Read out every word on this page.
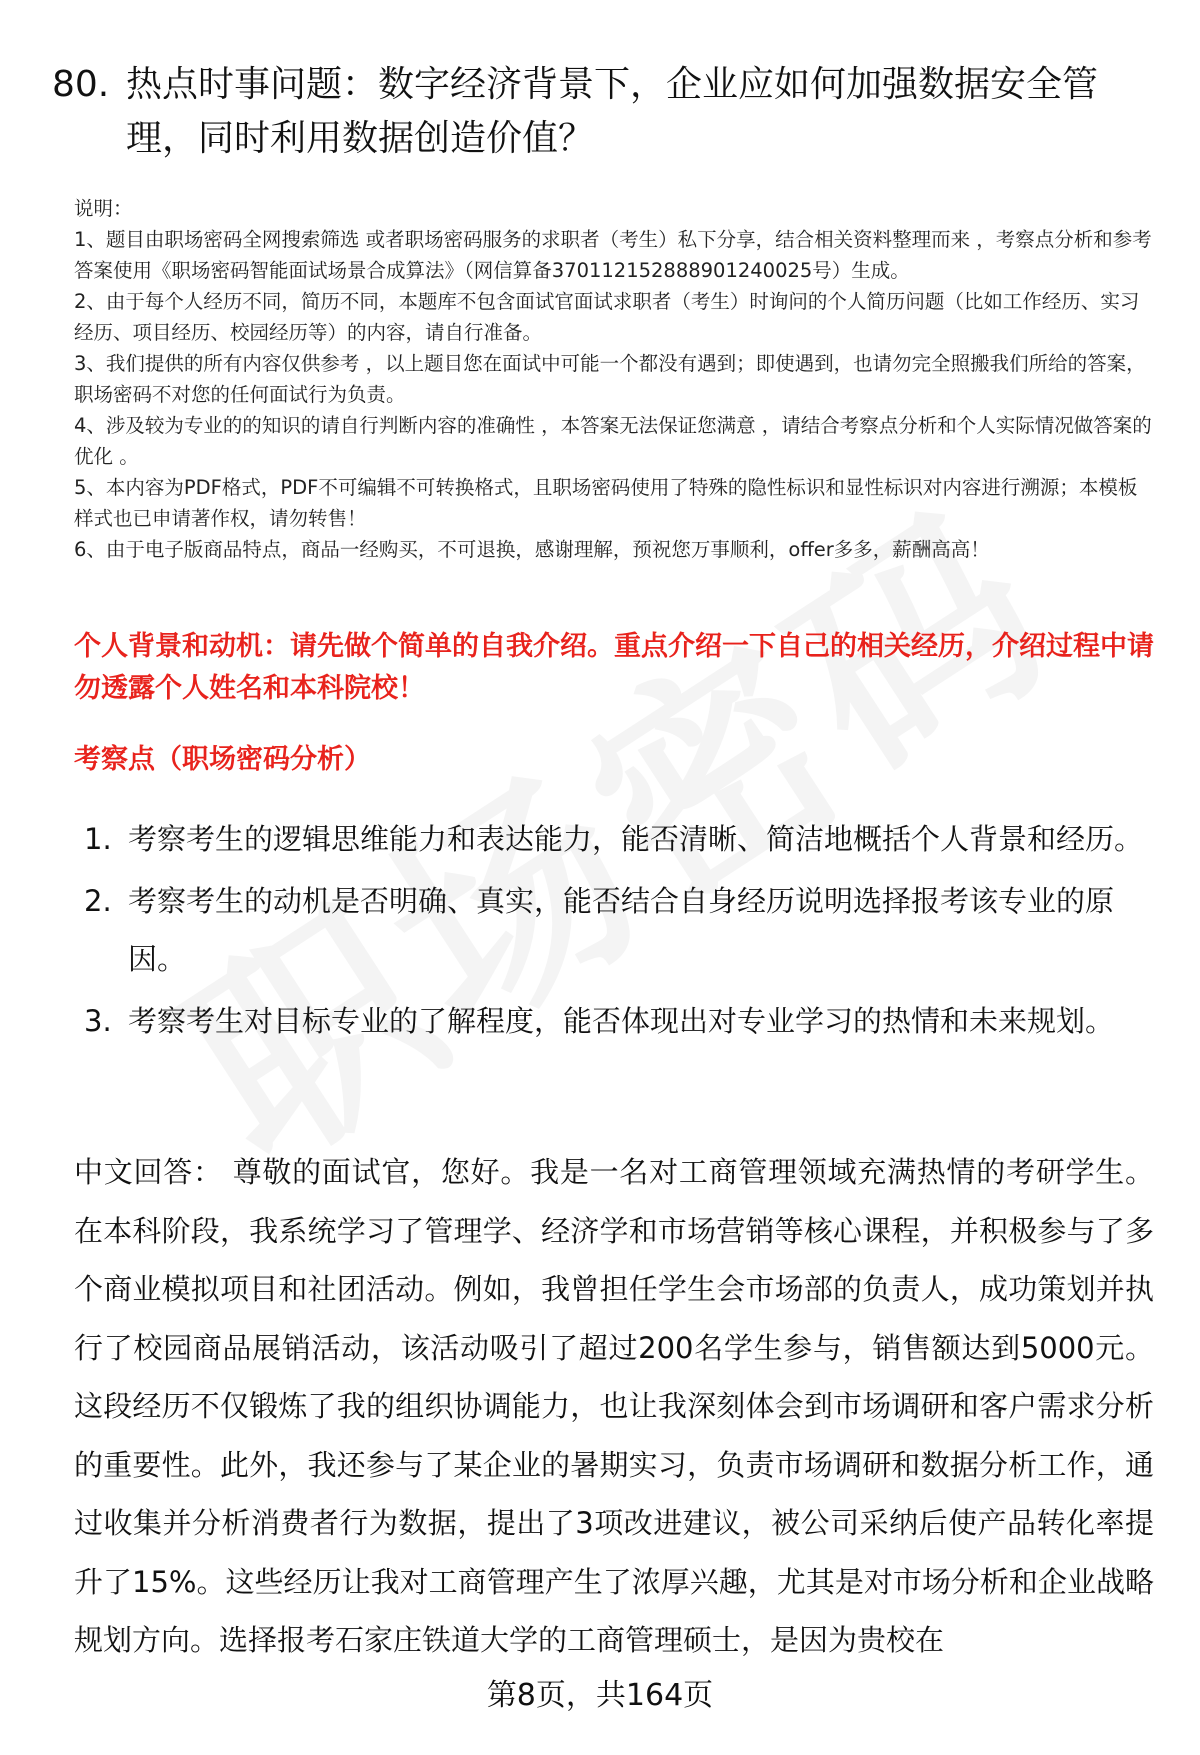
80. 热点时事问题：数字经济背景下，企业应如何加强数据安全管理，同时利用数据创造价值？
说明：
1、题目由职场密码全网搜索筛选 或者职场密码服务的求职者（考生）私下分享，结合相关资料整理而来 ，考察点分析和参考答案使用《职场密码智能面试场景合成算法》（网信算备370112152888901240025号）生成。
2、由于每个人经历不同，简历不同，本题库不包含面试官面试求职者（考生）时询问的个人简历问题（比如工作经历、实习经历、项目经历、校园经历等）的内容，请自行准备。
3、我们提供的所有内容仅供参考 ，以上题目您在面试中可能一个都没有遇到；即使遇到，也请勿完全照搬我们所给的答案，职场密码不对您的任何面试行为负责。
4、涉及较为专业的的知识的请自行判断内容的准确性 ，本答案无法保证您满意 ，请结合考察点分析和个人实际情况做答案的优化 。
5、本内容为PDF格式，PDF不可编辑不可转换格式，且职场密码使用了特殊的隐性标识和显性标识对内容进行溯源；本模板样式也已申请著作权，请勿转售！
6、由于电子版商品特点，商品一经购买，不可退换，感谢理解，预祝您万事顺利，offer多多，薪酬高高！
个人背景和动机：请先做个简单的自我介绍。重点介绍一下自己的相关经历，介绍过程中请勿透露个人姓名和本科院校！
考察点（职场密码分析）
1. 考察考生的逻辑思维能力和表达能力，能否清晰、简洁地概括个人背景和经历。
2. 考察考生的动机是否明确、真实，能否结合自身经历说明选择报考该专业的原因。
3. 考察考生对目标专业的了解程度，能否体现出对专业学习的热情和未来规划。
中文回答： 尊敬的面试官，您好。我是一名对工商管理领域充满热情的考研学生。在本科阶段，我系统学习了管理学、经济学和市场营销等核心课程，并积极参与了多个商业模拟项目和社团活动。例如，我曾担任学生会市场部的负责人，成功策划并执行了校园商品展销活动，该活动吸引了超过200名学生参与，销售额达到5000元。这段经历不仅锻炼了我的组织协调能力，也让我深刻体会到市场调研和客户需求分析的重要性。此外，我还参与了某企业的暑期实习，负责市场调研和数据分析工作，通过收集并分析消费者行为数据，提出了3项改进建议，被公司采纳后使产品转化率提升了15%。这些经历让我对工商管理产生了浓厚兴趣，尤其是对市场分析和企业战略规划方向。选择报考石家庄铁道大学的工商管理硕士，是因为贵校在
第8页，共164页
